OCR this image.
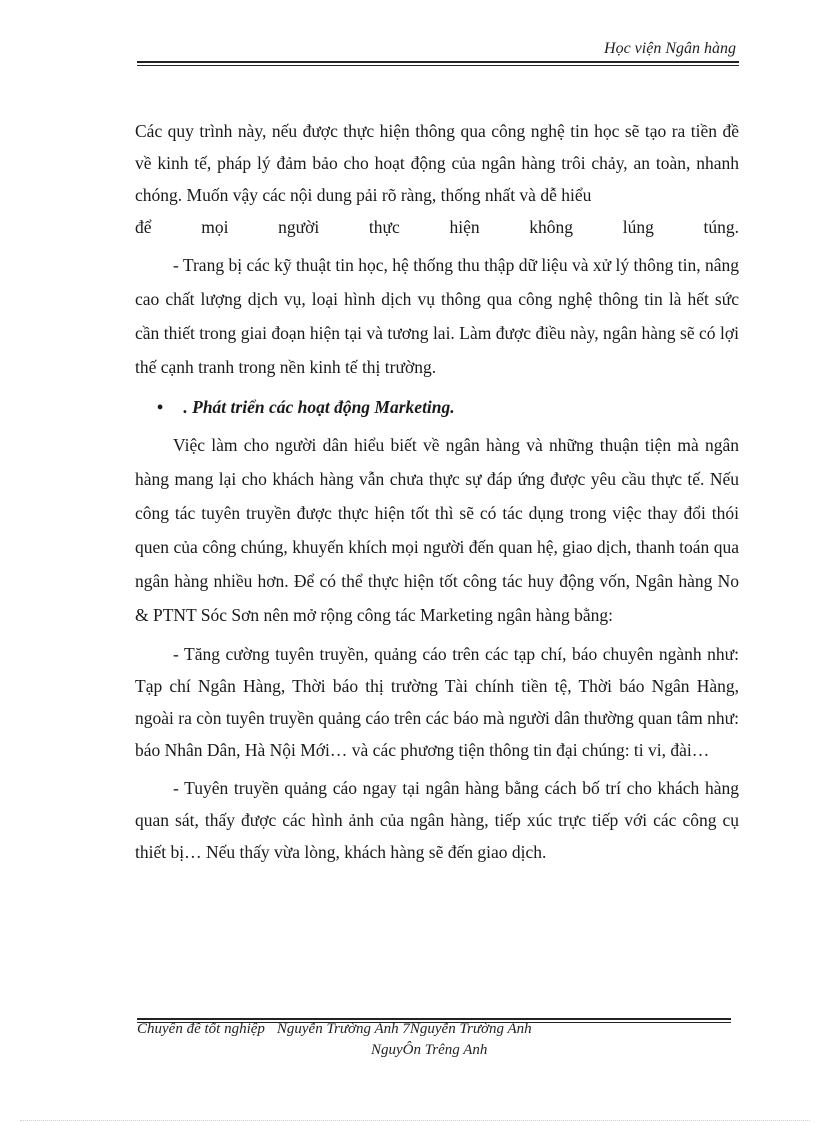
Học viện Ngân hàng

Các quy trình này, nếu được thực hiện thông qua công nghệ tin học sẽ tạo ra tiền đề về kinh tế, pháp lý đảm bảo cho hoạt động của ngân hàng trôi chảy, an toàn, nhanh chóng. Muốn vậy các nội dung pải rõ ràng, thống nhất và dễ hiểu

để mọi người thực hiện không lúng túng.

- Trang bị các kỹ thuật tin học, hệ thống thu thập dữ liệu và xử lý thông tin, nâng cao chất lượng dịch vụ, loại hình dịch vụ thông qua công nghệ thông tin là hết sức cần thiết trong giai đoạn hiện tại và tương lai. Làm được điều này, ngân hàng sẽ có lợi thế cạnh tranh trong nền kinh tế thị trường.

• . Phát triển các hoạt động Marketing.

Việc làm cho người dân hiểu biết về ngân hàng và những thuận tiện mà ngân hàng mang lại cho khách hàng vẫn chưa thực sự đáp ứng được yêu cầu thực tế. Nếu công tác tuyên truyền được thực hiện tốt thì sẽ có tác dụng trong việc thay đổi thói quen của công chúng, khuyến khích mọi người đến quan hệ, giao dịch, thanh toán qua ngân hàng nhiều hơn. Để có thể thực hiện tốt công tác huy động vốn, Ngân hàng No & PTNT Sóc Sơn nên mở rộng công tác Marketing ngân hàng bằng:

- Tăng cường tuyên truyền, quảng cáo trên các tạp chí, báo chuyên ngành như: Tạp chí Ngân Hàng, Thời báo thị trường Tài chính tiền tệ, Thời báo Ngân Hàng, ngoài ra còn tuyên truyền quảng cáo trên các báo mà người dân thường quan tâm như: báo Nhân Dân, Hà Nội Mới… và các phương tiện thông tin đại chúng: ti vi, đài…

- Tuyên truyền quảng cáo ngay tại ngân hàng bằng cách bố trí cho khách hàng quan sát, thấy được các hình ảnh của ngân hàng, tiếp xúc trực tiếp với các công cụ thiết bị… Nếu thấy vừa lòng, khách hàng sẽ đến giao dịch.

Chuyên đề tốt nghiệp Nguyễn Trường Anh 7Nguyễn Trường Anh
NguyÔn Trêng Anh
